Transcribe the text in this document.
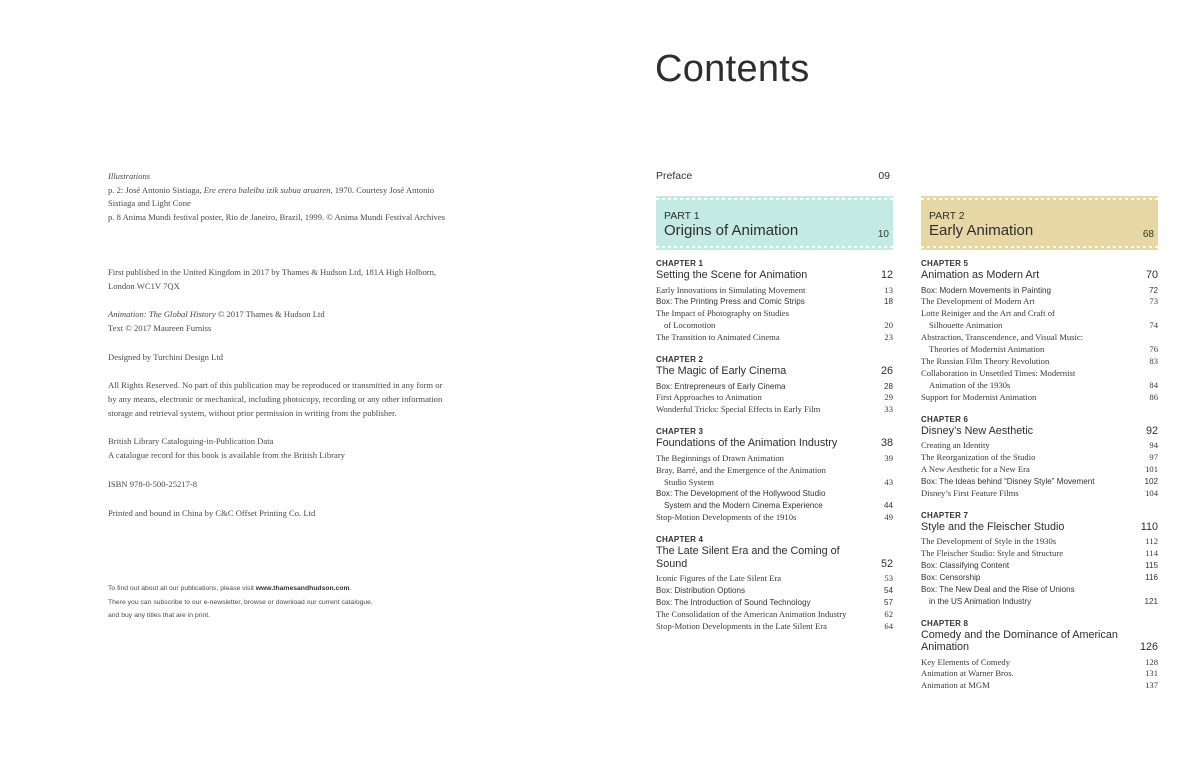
Illustrations

p. 2: José Antonio Sistiaga, Ere erera baleibu izik subua aruaren, 1970. Courtesy José Antonio Sistiaga and Light Cone

p. 8 Anima Mundi festival poster, Rio de Janeiro, Brazil, 1999. © Anima Mundi Festival Archives

First published in the United Kingdom in 2017 by Thames & Hudson Ltd, 181A High Holborn, London WC1V 7QX

Animation: The Global History © 2017 Thames & Hudson Ltd

Text © 2017 Maureen Furniss

Designed by Turchini Design Ltd

All Rights Reserved. No part of this publication may be reproduced or transmitted in any form or by any means, electronic or mechanical, including photocopy, recording or any other information storage and retrieval system, without prior permission in writing from the publisher.

British Library Cataloguing-in-Publication Data

A catalogue record for this book is available from the British Library

ISBN 978-0-500-25217-8

Printed and bound in China by C&C Offset Printing Co. Ltd

To find out about all our publications, please visit www.thamesandhudson.com.
There you can subscribe to our e-newsletter, browse or download our current catalogue,
and buy any titles that are in print.
Contents
Preface	09
PART 1
Origins of Animation	10
CHAPTER 1
Setting the Scene for Animation	12
Early Innovations in Simulating Movement	13
Box: The Printing Press and Comic Strips	18
The Impact of Photography on Studies
of Locomotion	20
The Transition to Animated Cinema	23
CHAPTER 2
The Magic of Early Cinema	26
Box: Entrepreneurs of Early Cinema	28
First Approaches to Animation	29
Wonderful Tricks: Special Effects in Early Film	33
CHAPTER 3
Foundations of the Animation Industry	38
The Beginnings of Drawn Animation	39
Bray, Barré, and the Emergence of the Animation
Studio System	43
Box: The Development of the Hollywood Studio
System and the Modern Cinema Experience	44
Stop-Motion Developments of the 1910s	49
CHAPTER 4
The Late Silent Era and the Coming of Sound	52
Iconic Figures of the Late Silent Era	53
Box: Distribution Options	54
Box: The Introduction of Sound Technology	57
The Consolidation of the American Animation Industry	62
Stop-Motion Developments in the Late Silent Era	64
PART 2
Early Animation	68
CHAPTER 5
Animation as Modern Art	70
Box: Modern Movements in Painting	72
The Development of Modern Art	73
Lotte Reiniger and the Art and Craft of
Silhouette Animation	74
Abstraction, Transcendence, and Visual Music:
Theories of Modernist Animation	76
The Russian Film Theory Revolution	83
Collaboration in Unsettled Times: Modernist
Animation of the 1930s	84
Support for Modernist Animation	86
CHAPTER 6
Disney’s New Aesthetic	92
Creating an Identity	94
The Reorganization of the Studio	97
A New Aesthetic for a New Era	101
Box: The Ideas behind “Disney Style” Movement	102
Disney’s First Feature Films	104
CHAPTER 7
Style and the Fleischer Studio	110
The Development of Style in the 1930s	112
The Fleischer Studio: Style and Structure	114
Box: Classifying Content	115
Box: Censorship	116
Box: The New Deal and the Rise of Unions
in the US Animation Industry	121
CHAPTER 8
Comedy and the Dominance of American Animation	126
Key Elements of Comedy	128
Animation at Warner Bros.	131
Animation at MGM	137
